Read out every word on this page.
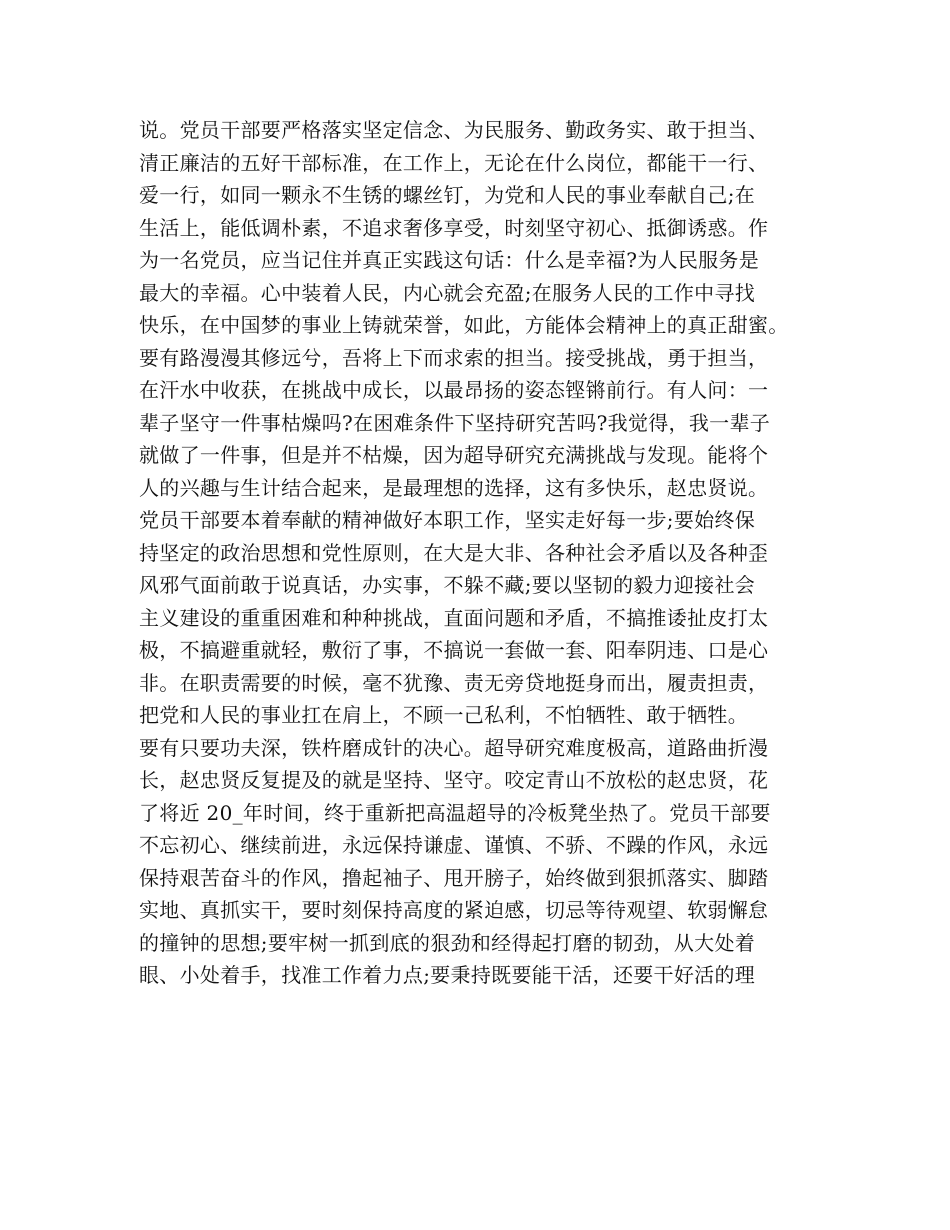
说。党员干部要严格落实坚定信念、为民服务、勤政务实、敢于担当、
清正廉洁的五好干部标准，在工作上，无论在什么岗位，都能干一行、
爱一行，如同一颗永不生锈的螺丝钉，为党和人民的事业奉献自己;在
生活上，能低调朴素，不追求奢侈享受，时刻坚守初心、抵御诱惑。作
为一名党员，应当记住并真正实践这句话：什么是幸福?为人民服务是
最大的幸福。心中装着人民，内心就会充盈;在服务人民的工作中寻找
快乐，在中国梦的事业上铸就荣誉，如此，方能体会精神上的真正甜蜜。
要有路漫漫其修远兮，吾将上下而求索的担当。接受挑战，勇于担当，
在汗水中收获，在挑战中成长，以最昂扬的姿态铿锵前行。有人问：一
辈子坚守一件事枯燥吗?在困难条件下坚持研究苦吗?我觉得，我一辈子
就做了一件事，但是并不枯燥，因为超导研究充满挑战与发现。能将个
人的兴趣与生计结合起来，是最理想的选择，这有多快乐，赵忠贤说。
党员干部要本着奉献的精神做好本职工作，坚实走好每一步;要始终保
持坚定的政治思想和党性原则，在大是大非、各种社会矛盾以及各种歪
风邪气面前敢于说真话，办实事，不躲不藏;要以坚韧的毅力迎接社会
主义建设的重重困难和种种挑战，直面问题和矛盾，不搞推诿扯皮打太
极，不搞避重就轻，敷衍了事，不搞说一套做一套、阳奉阴违、口是心
非。在职责需要的时候，毫不犹豫、责无旁贷地挺身而出，履责担责，
把党和人民的事业扛在肩上，不顾一己私利，不怕牺牲、敢于牺牲。
要有只要功夫深，铁杵磨成针的决心。超导研究难度极高，道路曲折漫
长，赵忠贤反复提及的就是坚持、坚守。咬定青山不放松的赵忠贤，花
了将近 20_年时间，终于重新把高温超导的冷板凳坐热了。党员干部要
不忘初心、继续前进，永远保持谦虚、谨慎、不骄、不躁的作风，永远
保持艰苦奋斗的作风，撸起袖子、甩开膀子，始终做到狠抓落实、脚踏
实地、真抓实干，要时刻保持高度的紧迫感，切忌等待观望、软弱懈怠
的撞钟的思想;要牢树一抓到底的狠劲和经得起打磨的韧劲，从大处着
眼、小处着手，找准工作着力点;要秉持既要能干活，还要干好活的理
